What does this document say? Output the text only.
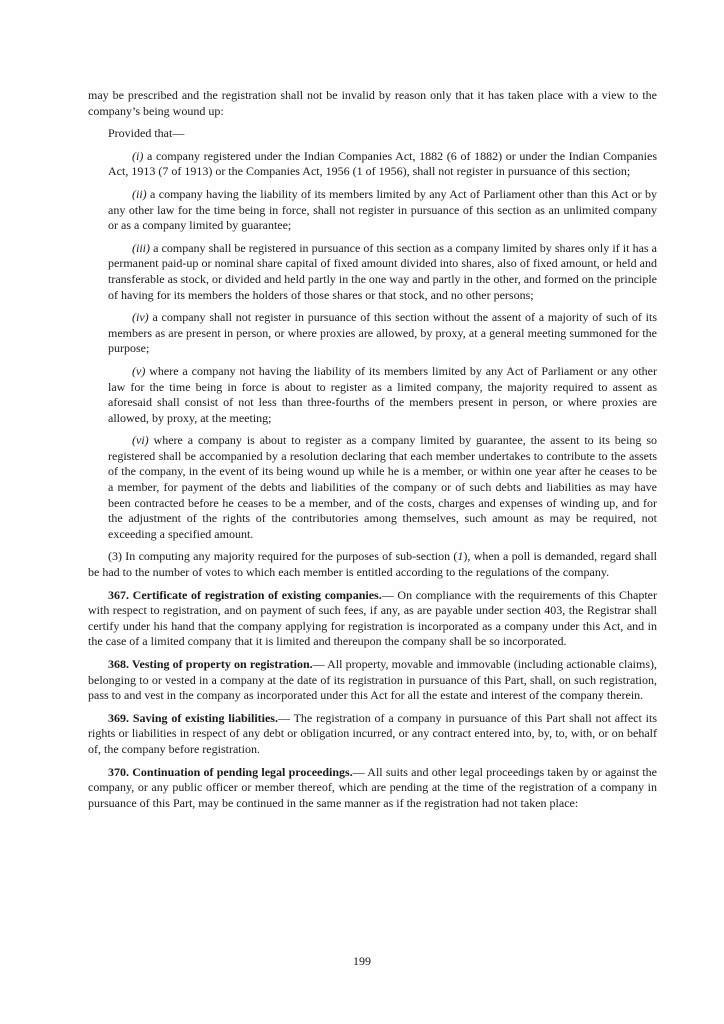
may be prescribed and the registration shall not be invalid by reason only that it has taken place with a view to the company’s being wound up:

Provided that—

(i) a company registered under the Indian Companies Act, 1882 (6 of 1882) or under the Indian Companies Act, 1913 (7 of 1913) or the Companies Act, 1956 (1 of 1956), shall not register in pursuance of this section;

(ii) a company having the liability of its members limited by any Act of Parliament other than this Act or by any other law for the time being in force, shall not register in pursuance of this section as an unlimited company or as a company limited by guarantee;

(iii) a company shall be registered in pursuance of this section as a company limited by shares only if it has a permanent paid-up or nominal share capital of fixed amount divided into shares, also of fixed amount, or held and transferable as stock, or divided and held partly in the one way and partly in the other, and formed on the principle of having for its members the holders of those shares or that stock, and no other persons;

(iv) a company shall not register in pursuance of this section without the assent of a majority of such of its members as are present in person, or where proxies are allowed, by proxy, at a general meeting summoned for the purpose;

(v) where a company not having the liability of its members limited by any Act of Parliament or any other law for the time being in force is about to register as a limited company, the majority required to assent as aforesaid shall consist of not less than three-fourths of the members present in person, or where proxies are allowed, by proxy, at the meeting;

(vi) where a company is about to register as a company limited by guarantee, the assent to its being so registered shall be accompanied by a resolution declaring that each member undertakes to contribute to the assets of the company, in the event of its being wound up while he is a member, or within one year after he ceases to be a member, for payment of the debts and liabilities of the company or of such debts and liabilities as may have been contracted before he ceases to be a member, and of the costs, charges and expenses of winding up, and for the adjustment of the rights of the contributories among themselves, such amount as may be required, not exceeding a specified amount.

(3) In computing any majority required for the purposes of sub-section (1), when a poll is demanded, regard shall be had to the number of votes to which each member is entitled according to the regulations of the company.

367. Certificate of registration of existing companies.— On compliance with the requirements of this Chapter with respect to registration, and on payment of such fees, if any, as are payable under section 403, the Registrar shall certify under his hand that the company applying for registration is incorporated as a company under this Act, and in the case of a limited company that it is limited and thereupon the company shall be so incorporated.

368. Vesting of property on registration.— All property, movable and immovable (including actionable claims), belonging to or vested in a company at the date of its registration in pursuance of this Part, shall, on such registration, pass to and vest in the company as incorporated under this Act for all the estate and interest of the company therein.

369. Saving of existing liabilities.— The registration of a company in pursuance of this Part shall not affect its rights or liabilities in respect of any debt or obligation incurred, or any contract entered into, by, to, with, or on behalf of, the company before registration.

370. Continuation of pending legal proceedings.— All suits and other legal proceedings taken by or against the company, or any public officer or member thereof, which are pending at the time of the registration of a company in pursuance of this Part, may be continued in the same manner as if the registration had not taken place:

199
